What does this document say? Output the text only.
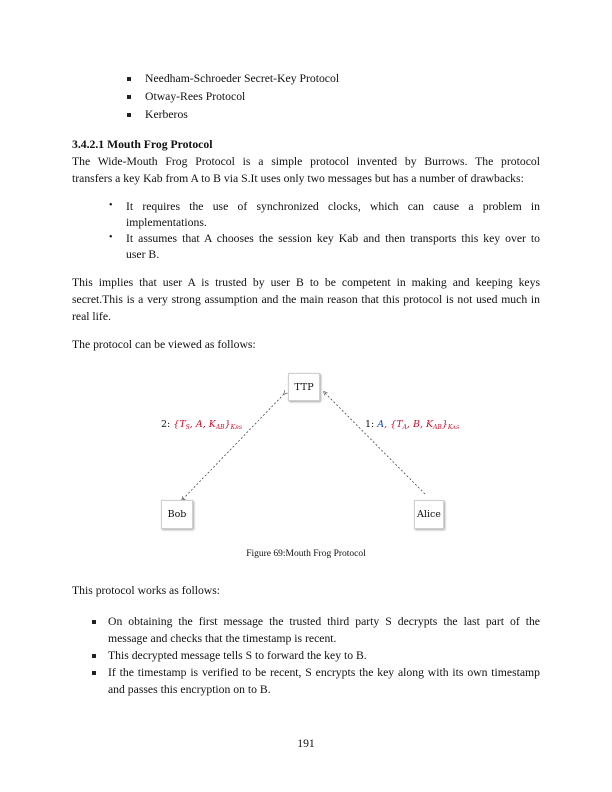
Needham-Schroeder Secret-Key Protocol
Otway-Rees Protocol
Kerberos
3.4.2.1 Mouth Frog Protocol
The Wide-Mouth Frog Protocol is a simple protocol invented by Burrows. The protocol
transfers a key Kab from A to B via S.It uses only two messages but has a number of drawbacks:
• It requires the use of synchronized clocks, which can cause a problem in
implementations.
• It assumes that A chooses the session key Kab and then transports this key over to
user B.
This implies that user A is trusted by user B to be competent in making and keeping keys
secret.This is a very strong assumption and the main reason that this protocol is not used much in
real life.
The protocol can be viewed as follows:
TTP
Bob	Alice
2: {$T_S$, A, $K_{AB}\}_{KBS}$	1: A, {$T_A$, B, $K_{AB}\}_{KAS}$
Figure 69:Mouth Frog Protocol
This protocol works as follows:
On obtaining the first message the trusted third party S decrypts the last part of the
message and checks that the timestamp is recent.
This decrypted message tells S to forward the key to B.
If the timestamp is verified to be recent, S encrypts the key along with its own timestamp
and passes this encryption on to B.
191
